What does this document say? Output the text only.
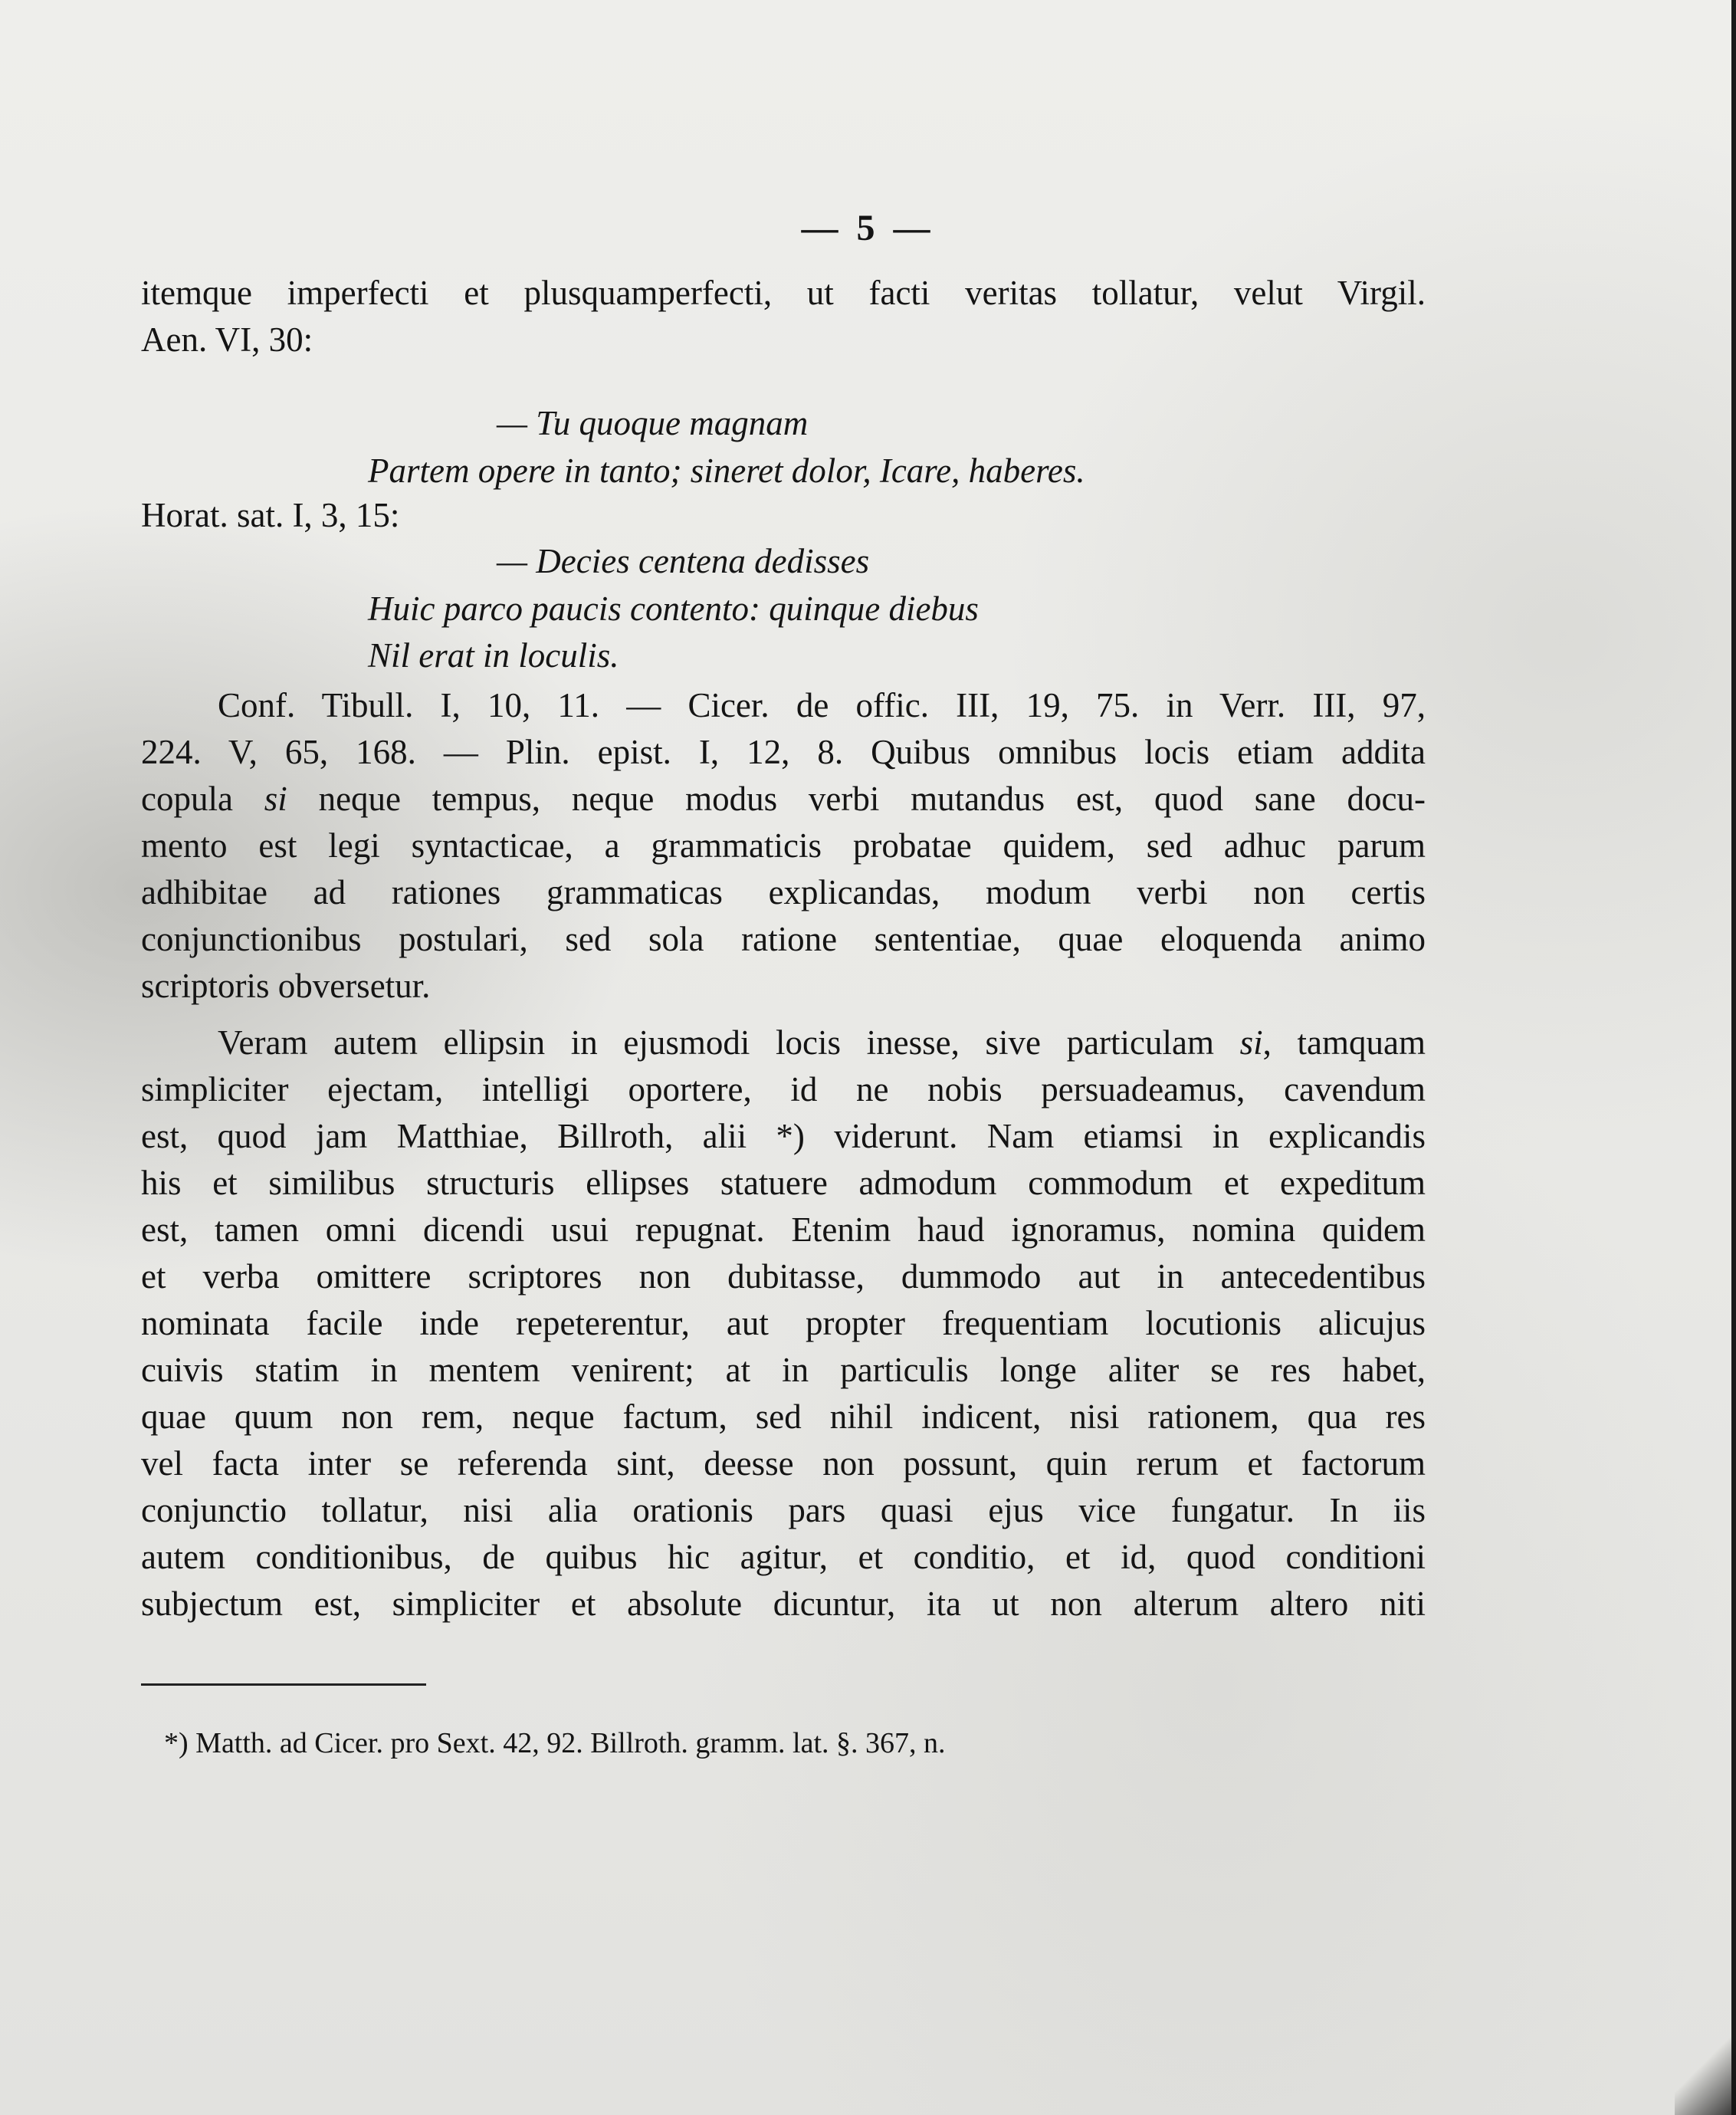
— 5 —
itemque imperfecti et plusquamperfecti, ut facti veritas tollatur, velut Virgil.
Aen. VI, 30:
— Tu quoque magnam
Partem opere in tanto; sineret dolor, Icare, haberes.
Horat. sat. I, 3, 15:
— Decies centena dedisses
Huic parco paucis contento: quinque diebus
Nil erat in loculis.
Conf. Tibull. I, 10, 11. — Cicer. de offic. III, 19, 75. in Verr. III, 97,
224. V, 65, 168. — Plin. epist. I, 12, 8. Quibus omnibus locis etiam addita
copula si neque tempus, neque modus verbi mutandus est, quod sane docu-
mento est legi syntacticae, a grammaticis probatae quidem, sed adhuc parum
adhibitae ad rationes grammaticas explicandas, modum verbi non certis
conjunctionibus postulari, sed sola ratione sententiae, quae eloquenda animo
scriptoris obversetur.
Veram autem ellipsin in ejusmodi locis inesse, sive particulam si, tamquam
simpliciter ejectam, intelligi oportere, id ne nobis persuadeamus, cavendum
est, quod jam Matthiae, Billroth, alii *) viderunt. Nam etiamsi in explicandis
his et similibus structuris ellipses statuere admodum commodum et expeditum
est, tamen omni dicendi usui repugnat. Etenim haud ignoramus, nomina quidem
et verba omittere scriptores non dubitasse, dummodo aut in antecedentibus
nominata facile inde repeterentur, aut propter frequentiam locutionis alicujus
cuivis statim in mentem venirent; at in particulis longe aliter se res habet,
quae quum non rem, neque factum, sed nihil indicent, nisi rationem, qua res
vel facta inter se referenda sint, deesse non possunt, quin rerum et factorum
conjunctio tollatur, nisi alia orationis pars quasi ejus vice fungatur. In iis
autem conditionibus, de quibus hic agitur, et conditio, et id, quod conditioni
subjectum est, simpliciter et absolute dicuntur, ita ut non alterum altero niti
*) Matth. ad Cicer. pro Sext. 42, 92. Billroth. gramm. lat. §. 367, n.
